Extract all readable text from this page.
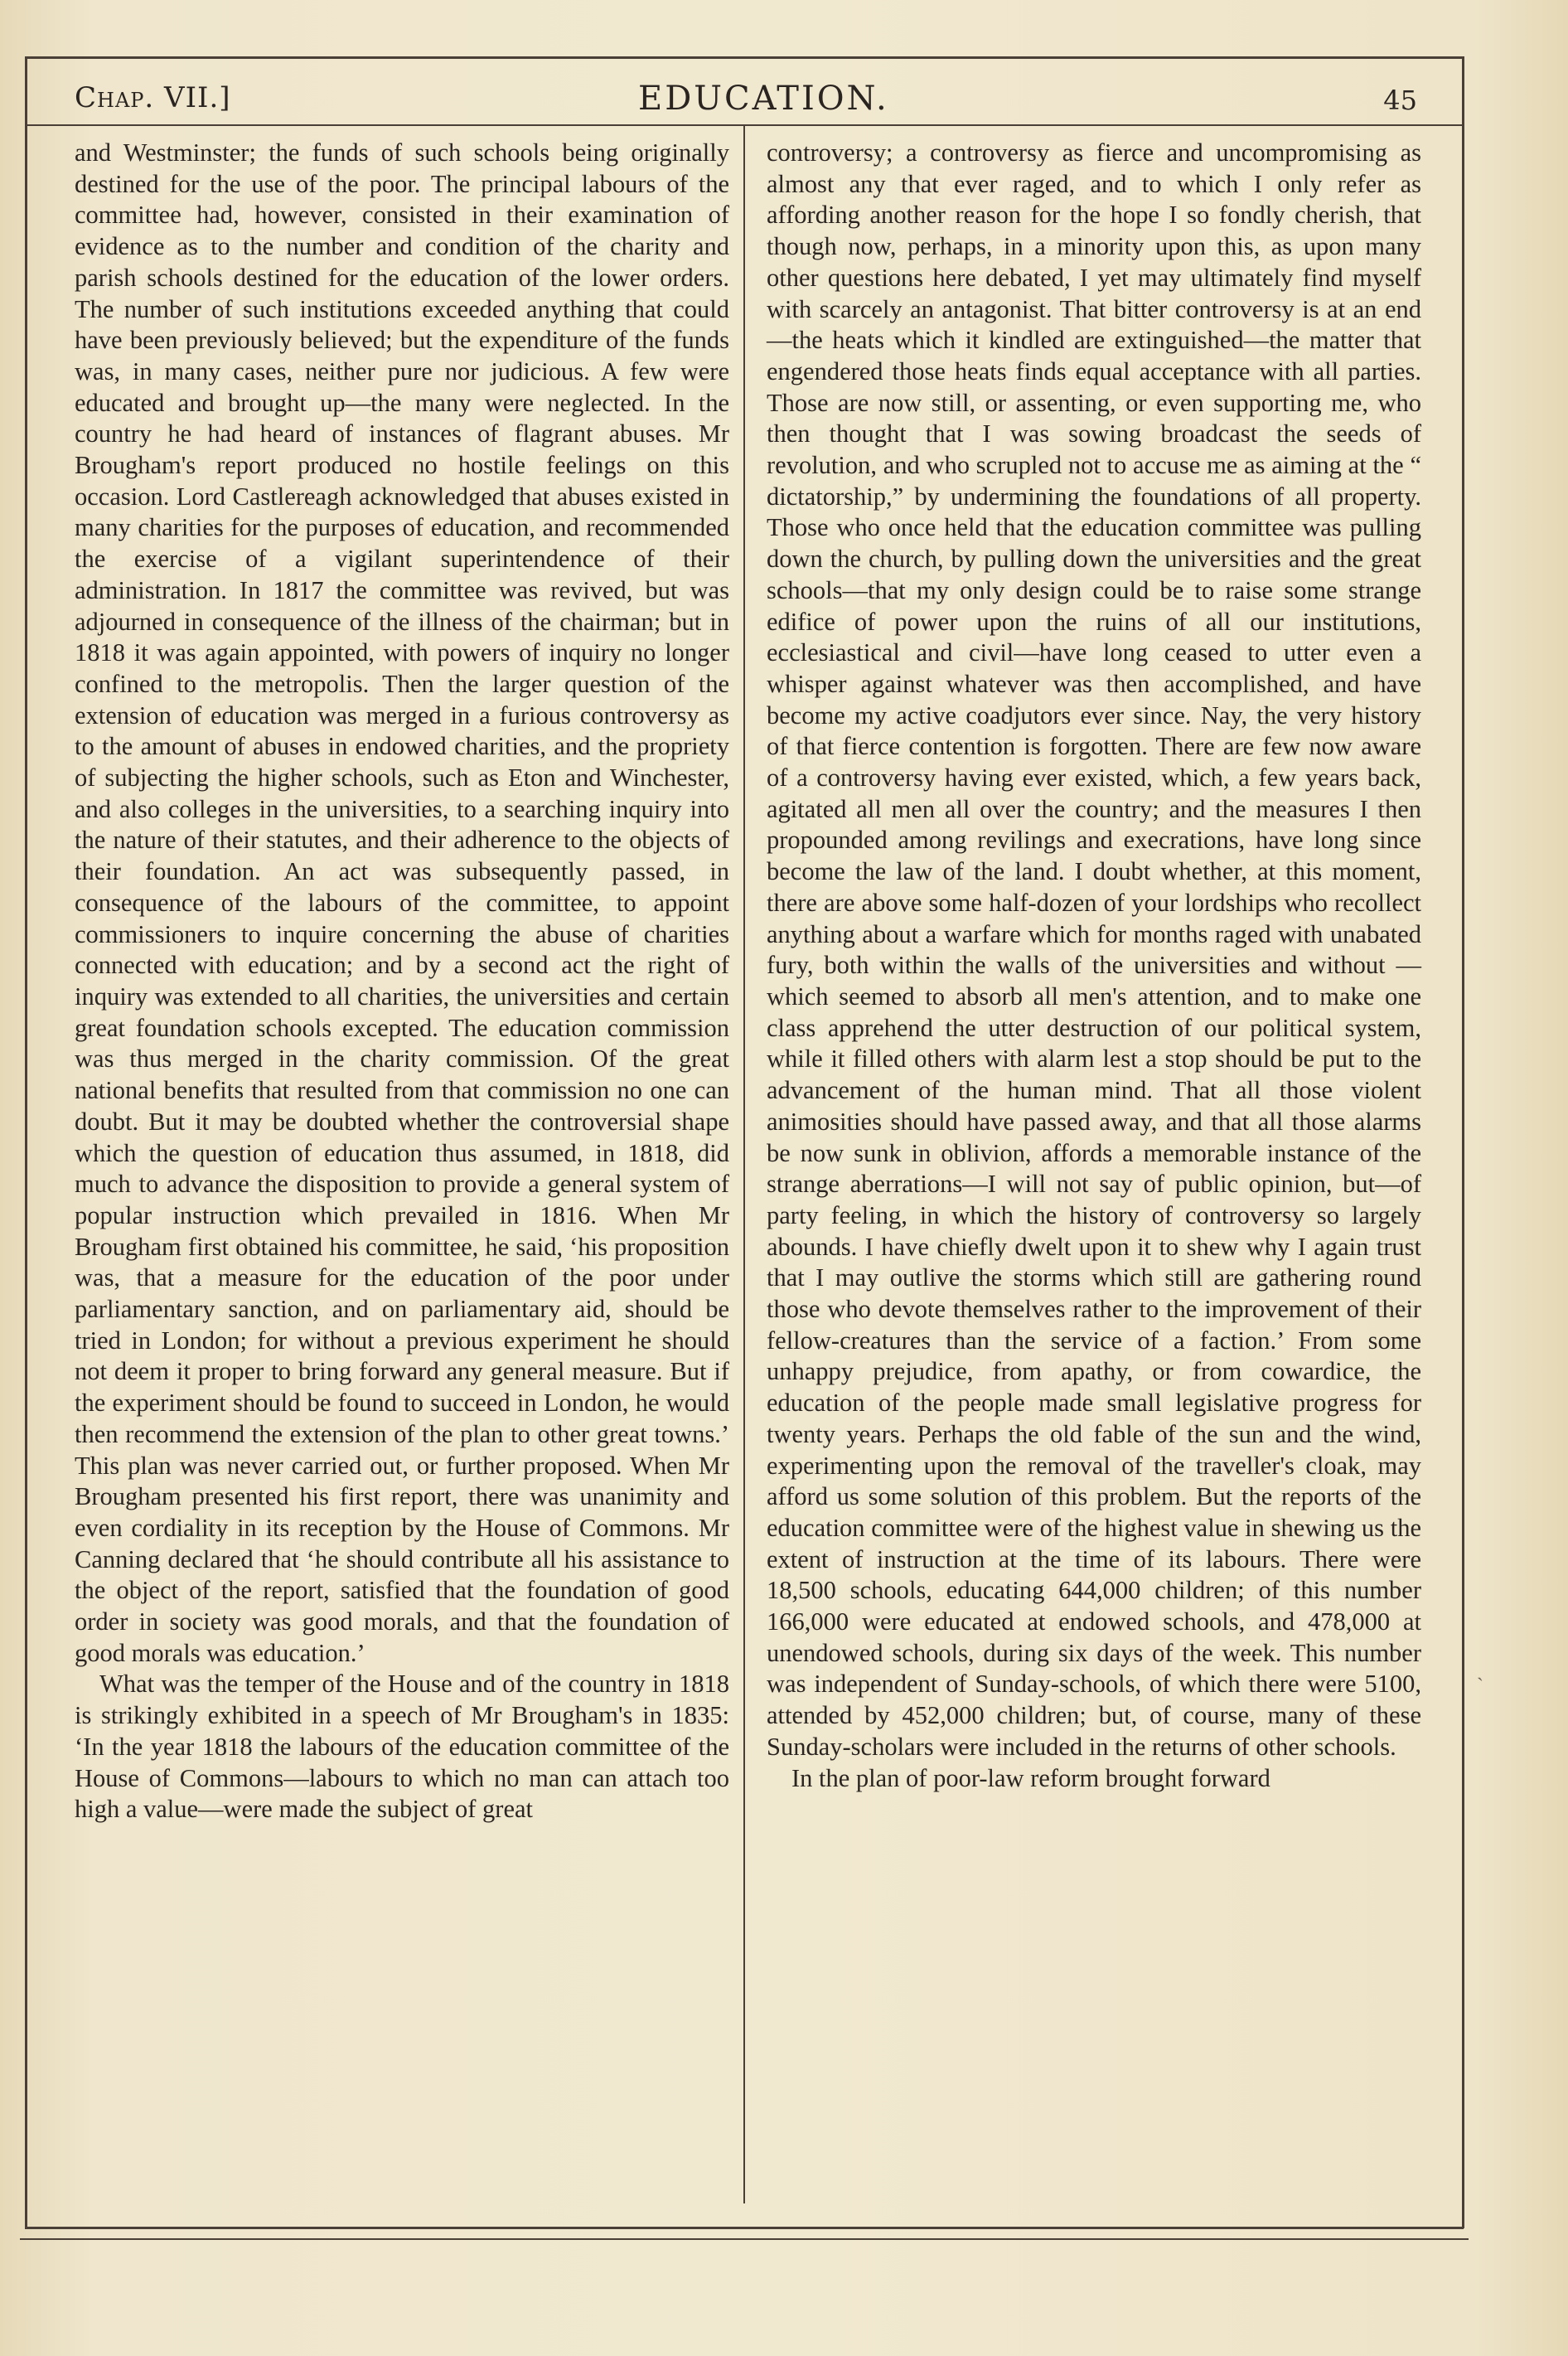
Chap. VII.]	EDUCATION.	45

and Westminster; the funds of such schools being originally destined for the use of the poor. The principal labours of the committee had, however, consisted in their examination of evidence as to the number and condition of the charity and parish schools destined for the education of the lower orders. The number of such institutions exceeded anything that could have been previously believed; but the expenditure of the funds was, in many cases, neither pure nor judicious. A few were educated and brought up—the many were neglected. In the country he had heard of instances of flagrant abuses. Mr Brougham's report produced no hostile feelings on this occasion. Lord Castlereagh acknowledged that abuses existed in many charities for the purposes of education, and recommended the exercise of a vigilant superintendence of their administration. In 1817 the committee was revived, but was adjourned in consequence of the illness of the chairman; but in 1818 it was again appointed, with powers of inquiry no longer confined to the metropolis. Then the larger question of the extension of education was merged in a furious controversy as to the amount of abuses in endowed charities, and the propriety of subjecting the higher schools, such as Eton and Winchester, and also colleges in the universities, to a searching inquiry into the nature of their statutes, and their adherence to the objects of their foundation. An act was subsequently passed, in consequence of the labours of the committee, to appoint commissioners to inquire concerning the abuse of charities connected with education; and by a second act the right of inquiry was extended to all charities, the universities and certain great foundation schools excepted. The education commission was thus merged in the charity commission. Of the great national benefits that resulted from that commission no one can doubt. But it may be doubted whether the controversial shape which the question of education thus assumed, in 1818, did much to advance the disposition to provide a general system of popular instruction which prevailed in 1816. When Mr Brougham first obtained his committee, he said, ‘his proposition was, that a measure for the education of the poor under parliamentary sanction, and on parliamentary aid, should be tried in London; for without a previous experiment he should not deem it proper to bring forward any general measure. But if the experiment should be found to succeed in London, he would then recommend the extension of the plan to other great towns.’ This plan was never carried out, or further proposed. When Mr Brougham presented his first report, there was unanimity and even cordiality in its reception by the House of Commons. Mr Canning declared that ‘he should contribute all his assistance to the object of the report, satisfied that the foundation of good order in society was good morals, and that the foundation of good morals was education.’

What was the temper of the House and of the country in 1818 is strikingly exhibited in a speech of Mr Brougham's in 1835: ‘In the year 1818 the labours of the education committee of the House of Commons—labours to which no man can attach too high a value—were made the subject of great

controversy; a controversy as fierce and uncompromising as almost any that ever raged, and to which I only refer as affording another reason for the hope I so fondly cherish, that though now, perhaps, in a minority upon this, as upon many other questions here debated, I yet may ultimately find myself with scarcely an antagonist. That bitter controversy is at an end—the heats which it kindled are extinguished—the matter that engendered those heats finds equal acceptance with all parties. Those are now still, or assenting, or even supporting me, who then thought that I was sowing broadcast the seeds of revolution, and who scrupled not to accuse me as aiming at the “ dictatorship,” by undermining the foundations of all property. Those who once held that the education committee was pulling down the church, by pulling down the universities and the great schools—that my only design could be to raise some strange edifice of power upon the ruins of all our institutions, ecclesiastical and civil—have long ceased to utter even a whisper against whatever was then accomplished, and have become my active coadjutors ever since. Nay, the very history of that fierce contention is forgotten. There are few now aware of a controversy having ever existed, which, a few years back, agitated all men all over the country; and the measures I then propounded among revilings and execrations, have long since become the law of the land. I doubt whether, at this moment, there are above some half-dozen of your lordships who recollect anything about a warfare which for months raged with unabated fury, both within the walls of the universities and without —which seemed to absorb all men's attention, and to make one class apprehend the utter destruction of our political system, while it filled others with alarm lest a stop should be put to the advancement of the human mind. That all those violent animosities should have passed away, and that all those alarms be now sunk in oblivion, affords a memorable instance of the strange aberrations—I will not say of public opinion, but—of party feeling, in which the history of controversy so largely abounds. I have chiefly dwelt upon it to shew why I again trust that I may outlive the storms which still are gathering round those who devote themselves rather to the improvement of their fellow-creatures than the service of a faction.’ From some unhappy prejudice, from apathy, or from cowardice, the education of the people made small legislative progress for twenty years. Perhaps the old fable of the sun and the wind, experimenting upon the removal of the traveller's cloak, may afford us some solution of this problem. But the reports of the education committee were of the highest value in shewing us the extent of instruction at the time of its labours. There were 18,500 schools, educating 644,000 children; of this number 166,000 were educated at endowed schools, and 478,000 at unendowed schools, during six days of the week. This number was independent of Sunday-schools, of which there were 5100, attended by 452,000 children; but, of course, many of these Sunday-scholars were included in the returns of other schools.

In the plan of poor-law reform brought forward

ˎ
